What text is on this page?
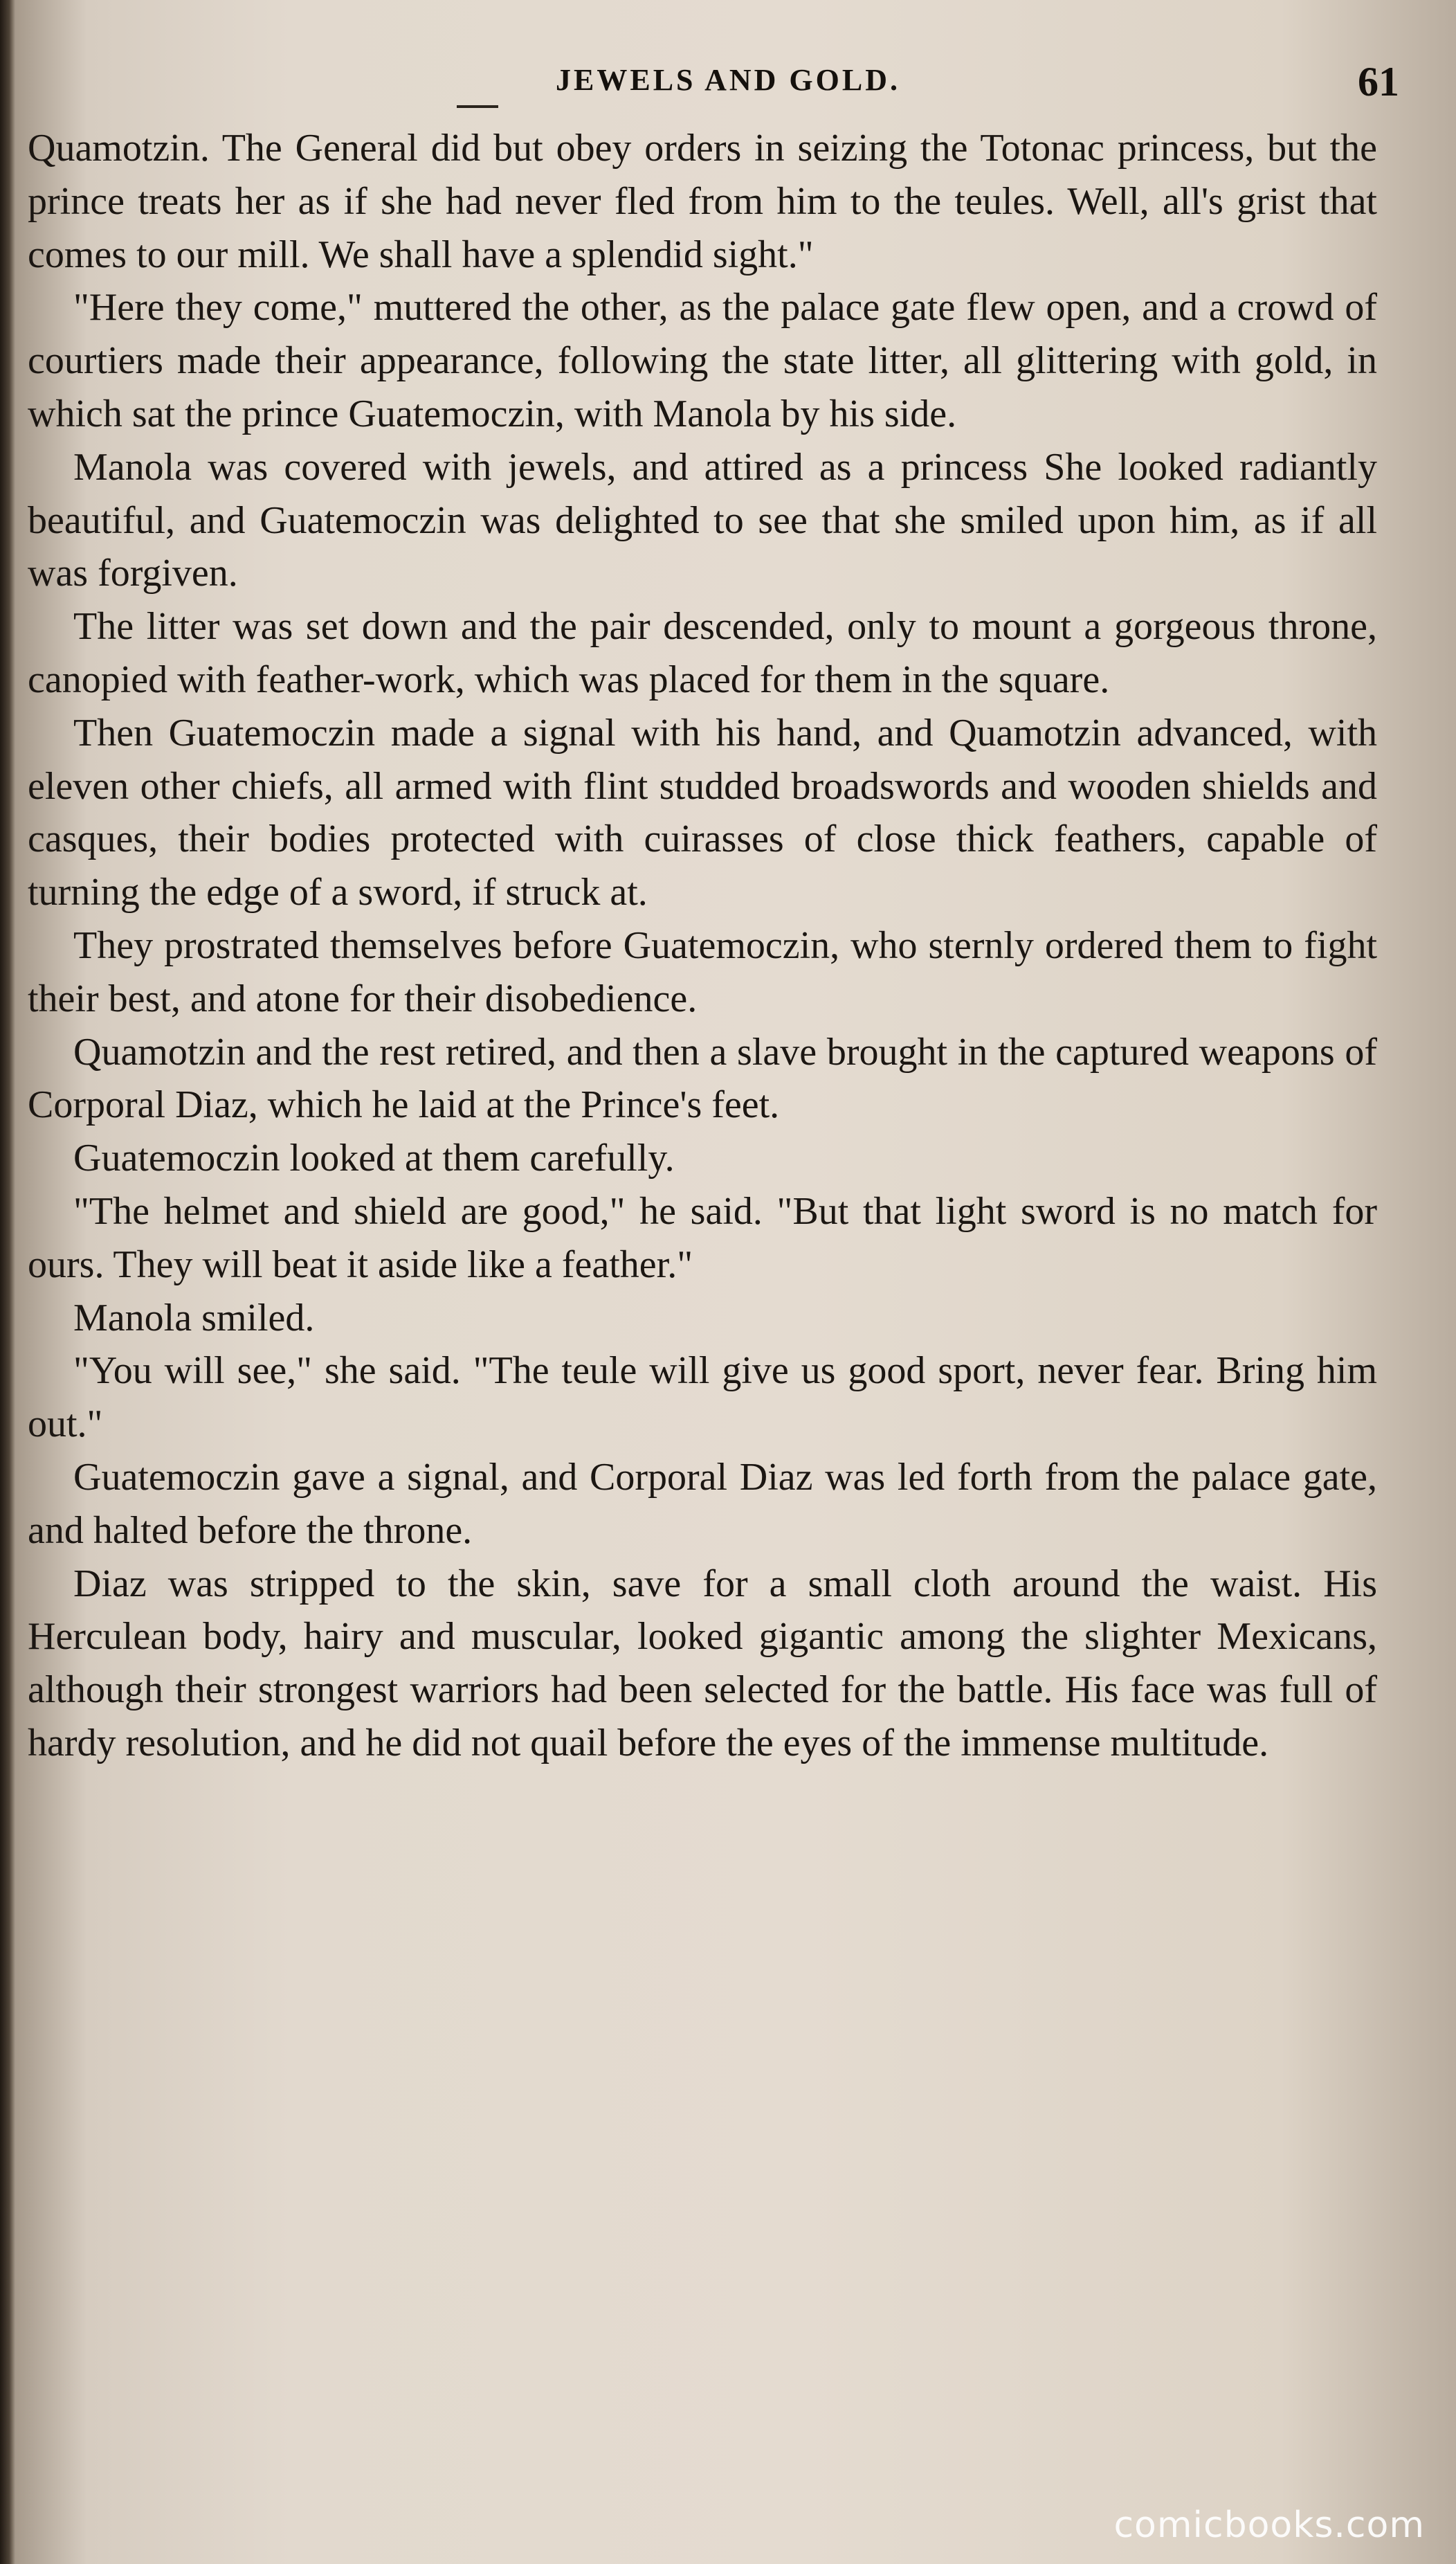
JEWELS AND GOLD.	61

Quamotzin. The General did but obey orders in seizing the Totonac princess, but the prince treats her as if she had never fled from him to the teules. Well, all's grist that comes to our mill. We shall have a splendid sight."

"Here they come," muttered the other, as the palace gate flew open, and a crowd of courtiers made their appearance, following the state litter, all glittering with gold, in which sat the prince Guatemoczin, with Manola by his side.

Manola was covered with jewels, and attired as a princess She looked radiantly beautiful, and Guatemoczin was delighted to see that she smiled upon him, as if all was forgiven.

The litter was set down and the pair descended, only to mount a gorgeous throne, canopied with feather-work, which was placed for them in the square.

Then Guatemoczin made a signal with his hand, and Quamotzin advanced, with eleven other chiefs, all armed with flint studded broadswords and wooden shields and casques, their bodies protected with cuirasses of close thick feathers, capable of turning the edge of a sword, if struck at.

They prostrated themselves before Guatemoczin, who sternly ordered them to fight their best, and atone for their disobedience.

Quamotzin and the rest retired, and then a slave brought in the captured weapons of Corporal Diaz, which he laid at the Prince's feet.

Guatemoczin looked at them carefully.

"The helmet and shield are good," he said. "But that light sword is no match for ours. They will beat it aside like a feather."

Manola smiled.

"You will see," she said. "The teule will give us good sport, never fear. Bring him out."

Guatemoczin gave a signal, and Corporal Diaz was led forth from the palace gate, and halted before the throne.

Diaz was stripped to the skin, save for a small cloth around the waist. His Herculean body, hairy and muscular, looked gigantic among the slighter Mexicans, although their strongest warriors had been selected for the battle. His face was full of hardy resolution, and he did not quail before the eyes of the immense multitude.

comicbooks.com
